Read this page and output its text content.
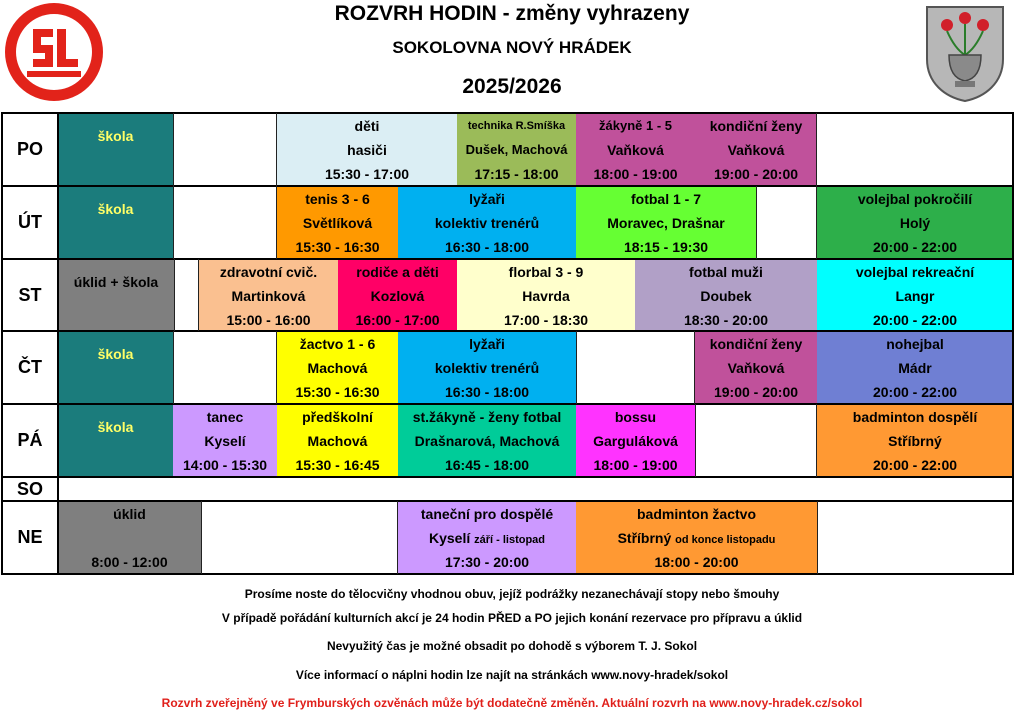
ROZVRH HODIN - změny vyhrazeny
SOKOLOVNA NOVÝ HRÁDEK
2025/2026
PO
ÚT
ST
ČT
PÁ
SO
NE
škola
děti
hasiči
15:30 - 17:00
technika R.Smíška
Dušek, Machová
17:15 - 18:00
žákyně 1 - 5
Vaňková
18:00 - 19:00
kondiční ženy
Vaňková
19:00 - 20:00
škola
tenis 3 - 6
Světlíková
15:30 - 16:30
lyžaři
kolektiv trenérů
16:30 - 18:00
fotbal 1 - 7
Moravec, Drašnar
18:15 - 19:30
volejbal pokročilí
Holý
20:00 - 22:00
úklid + škola
zdravotní cvič.
Martinková
15:00 - 16:00
rodiče a děti
Kozlová
16:00 - 17:00
florbal 3 - 9
Havrda
17:00 - 18:30
fotbal muži
Doubek
18:30 - 20:00
volejbal rekreační
Langr
20:00 - 22:00
škola
žactvo 1 - 6
Machová
15:30 - 16:30
lyžaři
kolektiv trenérů
16:30 - 18:00
kondiční ženy
Vaňková
19:00 - 20:00
nohejbal
Mádr
20:00 - 22:00
škola
tanec
Kyselí
14:00 - 15:30
předškolní
Machová
15:30 - 16:45
st.žákyně - ženy fotbal
Drašnarová, Machová
16:45 - 18:00
bossu
Garguláková
18:00 - 19:00
badminton dospělí
Stříbrný
20:00 - 22:00
úklid
8:00 - 12:00
taneční pro dospělé
Kyselí září - listopad
17:30 - 20:00
badminton žactvo
Stříbrný od konce listopadu
18:00 - 20:00
Prosíme noste do tělocvičny vhodnou obuv, jejíž podrážky nezanechávají stopy nebo šmouhy
V případě pořádání kulturních akcí je 24 hodin PŘED a PO jejich konání rezervace pro přípravu a úklid
Nevyužitý čas je možné obsadit po dohodě s výborem T. J. Sokol
Více informací o náplni hodin lze najít na stránkách www.novy-hradek/sokol
Rozvrh zveřejněný ve Frymburských ozvěnách může být dodatečně změněn. Aktuální rozvrh na www.novy-hradek.cz/sokol
